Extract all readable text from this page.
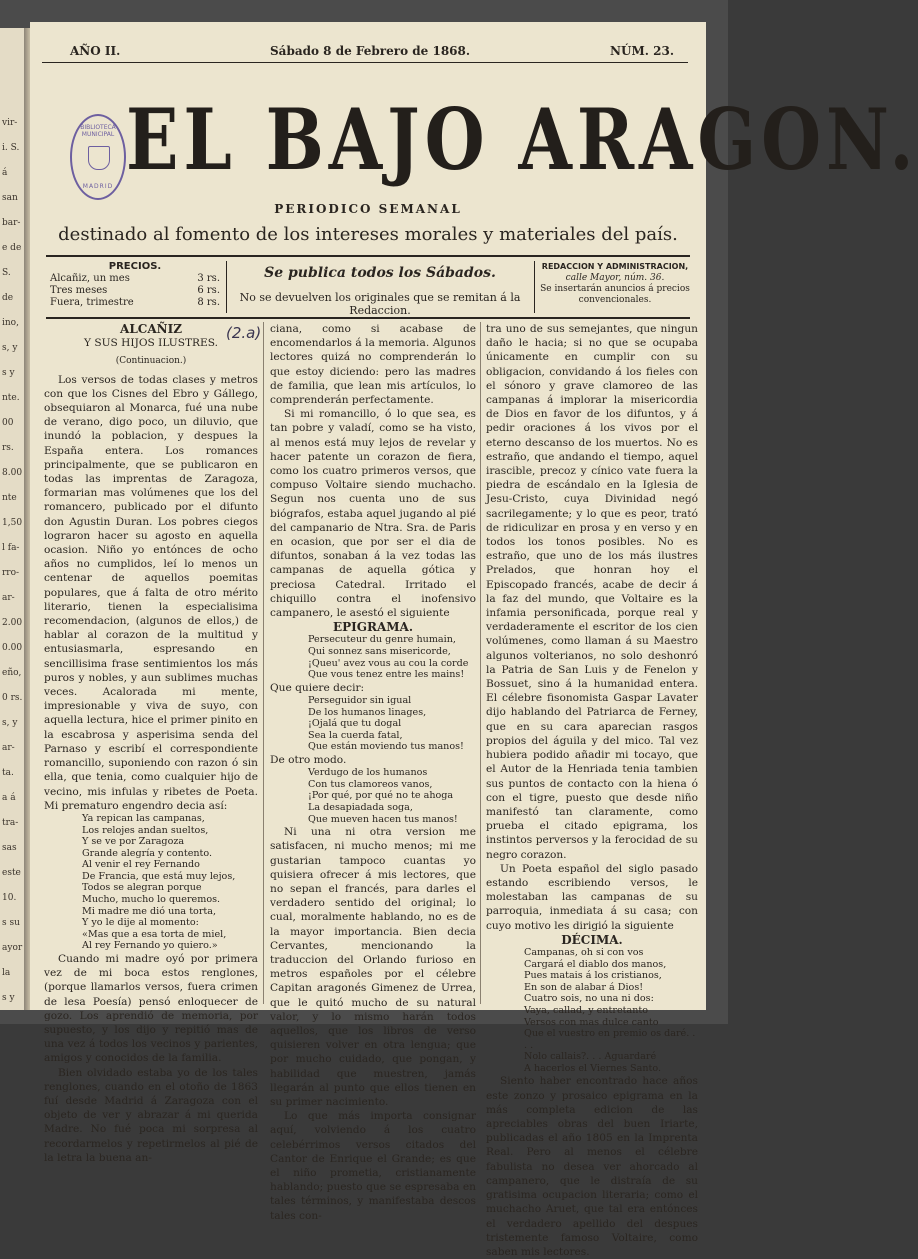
vir-
i. S.
á
san
bar-
e de
S.
de
ino,
s, y
s y
nte.
00
rs.
8.00
nte
1,50
l fa-
rro-
ar-
2.00
0.00
eño,
0 rs.
s, y
ar-
ta.
a á
tra-
sas
este
10.
s su
ayor
la
s y
AÑO II.	Sábado 8 de Febrero de 1868.	NÚM. 23.
BIBLIOTECA MUNICIPAL
MADRID EL BAJO ARAGON.
PERIODICO SEMANAL
destinado al fomento de los intereses morales y materiales del país.
PRECIOS.
Alcañiz, un mes	3 rs.
Tres meses	6 rs.
Fuera, trimestre	8 rs.
Se publica todos los Sábados.
No se devuelven los originales que se remitan á la Redaccion.
REDACCION Y ADMINISTRACION,
calle Mayor, núm. 36.
Se insertarán anuncios á precios convencionales.
(2.a)

ALCAÑIZ

Y SUS HIJOS ILUSTRES.

(Continuacion.)

Los versos de todas clases y metros con que los Cisnes del Ebro y Gállego, obsequiaron al Monarca, fué una nube de verano, digo poco, un diluvio, que inundó la poblacion, y despues la España entera. Los romances principalmente, que se publicaron en todas las imprentas de Zaragoza, formarian mas volúmenes que los del romancero, publicado por el difunto don Agustin Duran. Los pobres ciegos lograron hacer su agosto en aquella ocasion. Niño yo entónces de ocho años no cumplidos, leí lo menos un centenar de aquellos poemitas populares, que á falta de otro mérito literario, tienen la especialisima recomendacion, (algunos de ellos,) de hablar al corazon de la multitud y entusiasmarla, espresando en sencillisima frase sentimientos los más puros y nobles, y aun sublimes muchas veces. Acalorada mi mente, impresionable y viva de suyo, con aquella lectura, hice el primer pinito en la escabrosa y asperisima senda del Parnaso y escribí el correspondiente romancillo, suponiendo con razon ó sin ella, que tenia, como cualquier hijo de vecino, mis infulas y ribetes de Poeta. Mi prematuro engendro decia así:

Ya repican las campanas,
Los relojes andan sueltos,
Y se ve por Zaragoza
Grande alegría y contento.
Al venir el rey Fernando
De Francia, que está muy lejos,
Todos se alegran porque
Mucho, mucho lo queremos.
Mi madre me dió una torta,
Y yo le dije al momento:
«Mas que a esa torta de miel,
Al rey Fernando yo quiero.»

Cuando mi madre oyó por primera vez de mi boca estos renglones, (porque llamarlos versos, fuera crimen de lesa Poesía) pensó enloquecer de gozo. Los aprendió de memoria, por supuesto, y los dijo y repitió mas de una vez á todos los vecinos y parientes, amigos y conocidos de la familia.

Bien olvidado estaba yo de los tales renglones, cuando en el otoño de 1863 fuí desde Madrid á Zaragoza con el objeto de ver y abrazar á mi querida Madre. No fué poca mi sorpresa al recordarmelos y repetirmelos al pié de la letra la buena an-

ciana, como si acabase de encomendarlos á la memoria. Algunos lectores quizá no comprenderán lo que estoy diciendo: pero las madres de familia, que lean mis artículos, lo comprenderán perfectamente.

Si mi romancillo, ó lo que sea, es tan pobre y valadí, como se ha visto, al menos está muy lejos de revelar y hacer patente un corazon de fiera, como los cuatro primeros versos, que compuso Voltaire siendo muchacho. Segun nos cuenta uno de sus biógrafos, estaba aquel jugando al pié del campanario de Ntra. Sra. de Paris en ocasion, que por ser el dia de difuntos, sonaban á la vez todas las campanas de aquella gótica y preciosa Catedral. Irritado el chiquillo contra el inofensivo campanero, le asestó el siguiente

EPIGRAMA.

Persecuteur du genre humain,
Qui sonnez sans misericorde,
¡Queu' avez vous au cou la corde
Que vous tenez entre les mains!

Que quiere decir:

Perseguidor sin igual
De los humanos linages,
¡Ojalá que tu dogal
Sea la cuerda fatal,
Que están moviendo tus manos!

De otro modo.

Verdugo de los humanos
Con tus clamoreos vanos,
¡Por qué, por qué no te ahoga
La desapiadada soga,
Que mueven hacen tus manos!

Ni una ni otra version me satisfacen, ni mucho menos; mi me gustarian tampoco cuantas yo quisiera ofrecer á mis lectores, que no sepan el francés, para darles el verdadero sentido del original; lo cual, moralmente hablando, no es de la mayor importancia. Bien decia Cervantes, mencionando la traduccion del Orlando furioso en metros españoles por el célebre Capitan aragonés Gimenez de Urrea, que le quitó mucho de su natural valor, y lo mismo harán todos aquellos, que los libros de verso quisieren volver en otra lengua; que por mucho cuidado, que pongan, y habilidad que muestren, jamás llegarán al punto que ellos tienen en su primer nacimiento.

Lo que más importa consignar aquí, volviendo á los cuatro celebérrimos versos citados del Cantor de Enrique el Grande; es que el niño prometia, cristianamente hablando; puesto que se espresaba en tales términos, y manifestaba descos tales con-

tra uno de sus semejantes, que ningun daño le hacia; si no que se ocupaba únicamente en cumplir con su obligacion, convidando á los fieles con el sónoro y grave clamoreo de las campanas á implorar la misericordia de Dios en favor de los difuntos, y á pedir oraciones á los vivos por el eterno descanso de los muertos. No es estraño, que andando el tiempo, aquel irascible, precoz y cínico vate fuera la piedra de escándalo en la Iglesia de Jesu-Cristo, cuya Divinidad negó sacrilegamente; y lo que es peor, trató de ridiculizar en prosa y en verso y en todos los tonos posibles. No es estraño, que uno de los más ilustres Prelados, que honran hoy el Episcopado francés, acabe de decir á la faz del mundo, que Voltaire es la infamia personificada, porque real y verdaderamente el escritor de los cien volúmenes, como llaman á su Maestro algunos volterianos, no solo deshonró la Patria de San Luis y de Fenelon y Bossuet, sino á la humanidad entera. El célebre fisonomista Gaspar Lavater dijo hablando del Patriarca de Ferney, que en su cara aparecian rasgos propios del águila y del mico. Tal vez hubiera podido añadir mi tocayo, que el Autor de la Henriada tenia tambien sus puntos de contacto con la hiena ó con el tigre, puesto que desde niño manifestó tan claramente, como prueba el citado epigrama, los instintos perversos y la ferocidad de su negro corazon.

Un Poeta español del siglo pasado estando escribiendo versos, le molestaban las campanas de su parroquia, inmediata á su casa; con cuyo motivo les dirigió la siguiente

DÉCIMA.

Campanas, oh si con vos
Cargará el diablo dos manos,
Pues matais á los cristianos,
En son de alabar á Dios!
Cuatro sois, no una ni dos:
Vaya, callad, y entretanto
Versos con mas dulce canto
Que el vuestro en premio os daré. . . .
Nolo callais?. . . Aguardaré
A hacerlos el Viernes Santo.

Siento haber encontrado hace años este zonzo y prosaico epigrama en la más completa edicion de las apreciables obras del buen Iriarte, publicadas el año 1805 en la Imprenta Real. Pero al menos el célebre fabulista no desea ver ahorcado al campanero, que le distraía de su gratisima ocupacion literaria; como el muchacho Aruet, que tal era entónces el verdadero apellido del despues tristemente famoso Voltaire, como saben mis lectores.
